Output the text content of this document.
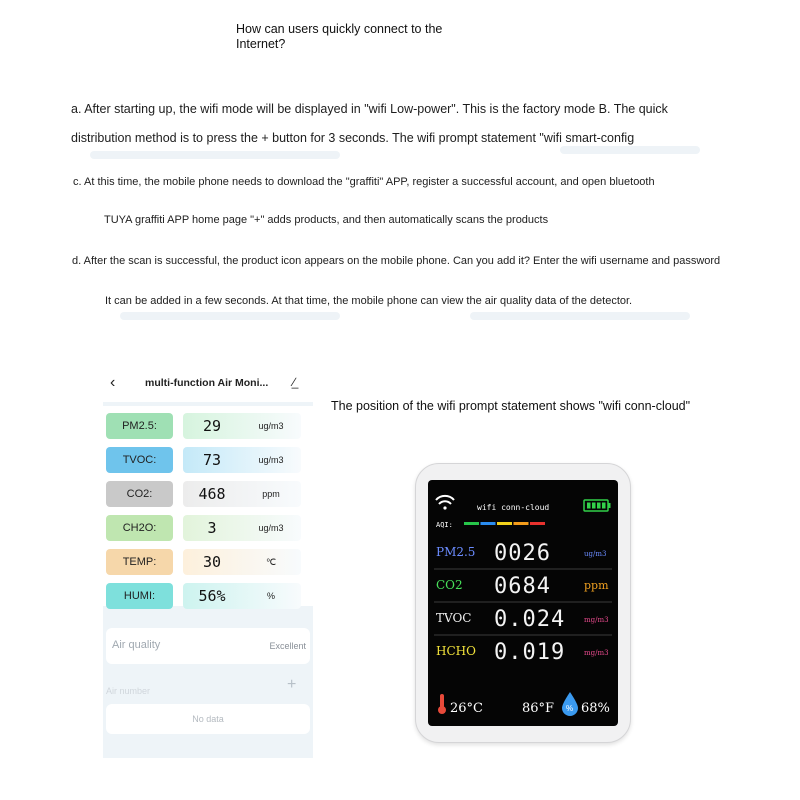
How can users quickly connect to the Internet?
a. After starting up, the wifi mode will be displayed in "wifi Low-power". This is the factory mode B. The quick
distribution method is to press the + button for 3 seconds. The wifi prompt statement "wifi smart-config
c. At this time, the mobile phone needs to download the "graffiti" APP, register a successful account, and open bluetooth
TUYA graffiti APP home page "+" adds products, and then automatically scans the products
d. After the scan is successful, the product icon appears on the mobile phone. Can you add it? Enter the wifi username and password
It can be added in a few seconds. At that time, the mobile phone can view the air quality data of the detector.
‹	multi-function Air Moni... ∕̲
PM2.5:	29	ug/m3
TVOC:	73	ug/m3
CO2:	468	ppm
CH2O:	3	ug/m3
TEMP:	30	℃
HUMI:	56%	%
Air quality	Excellent
Air number	+
No data
The position of the wifi prompt statement shows "wifi conn-cloud"
wifi conn-cloud
AQI:
PM2.5 0026	ug/m3
CO2 0684	ppm
TVOC 0.024	mg/m3
HCHO 0.019	mg/m3
26°C	86°F % 68%
